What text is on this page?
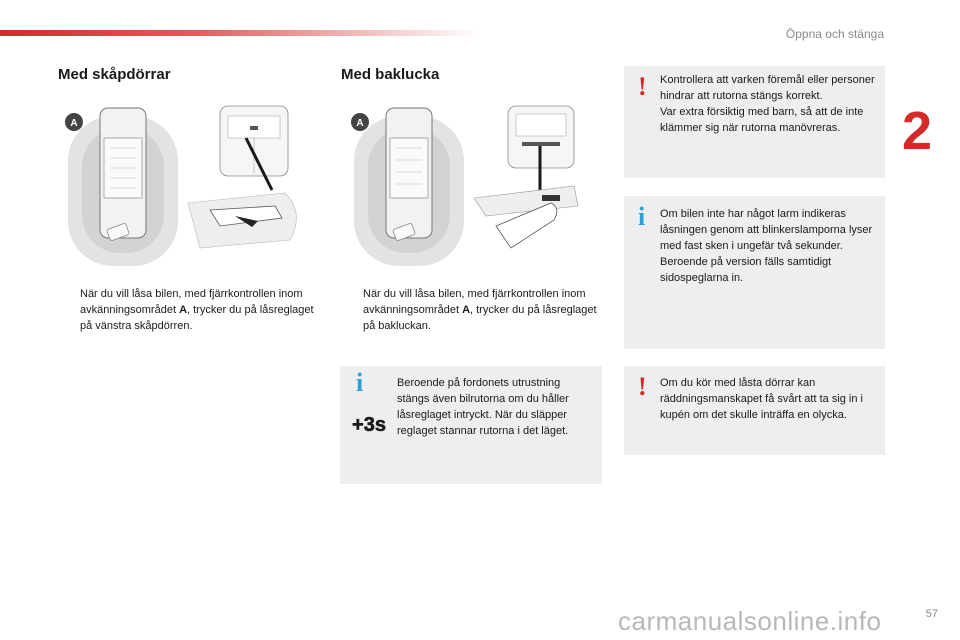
Öppna och stänga
2
Med skåpdörrar
A
När du vill låsa bilen, med fjärrkontrollen inom avkänningsområdet A, trycker du på låsreglaget på vänstra skåpdörren.
Med baklucka
A
När du vill låsa bilen, med fjärrkontrollen inom avkänningsområdet A, trycker du på låsreglaget på bakluckan.
i	Beroende på fordonets utrustning stängs även bilrutorna om du håller låsreglaget intryckt. När du släpper reglaget stannar rutorna i det läget.
+3s
! Kontrollera att varken föremål eller personer hindrar att rutorna stängs korrekt.
Var extra försiktig med barn, så att de inte klämmer sig när rutorna manövreras.
i Om bilen inte har något larm indikeras låsningen genom att blinkerslamporna lyser med fast sken i ungefär två sekunder.
Beroende på version fälls samtidigt sidospeglarna in.
! Om du kör med låsta dörrar kan räddningsmanskapet få svårt att ta sig in i kupén om det skulle inträffa en olycka.
carmanualsonline.info	57
